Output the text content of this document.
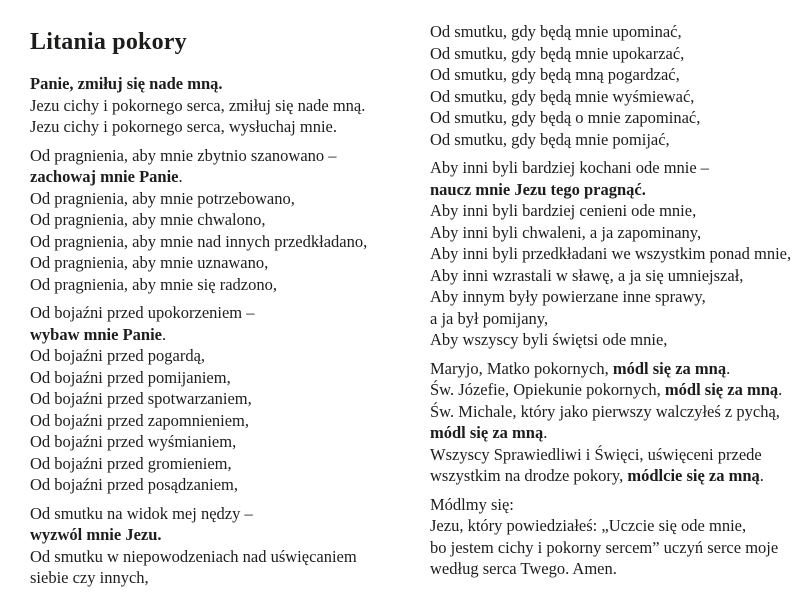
Litania pokory
Panie, zmiłuj się nade mną.
Jezu cichy i pokornego serca, zmiłuj się nade mną.
Jezu cichy i pokornego serca, wysłuchaj mnie.
Od pragnienia, aby mnie zbytnio szanowano –
zachowaj mnie Panie.
Od pragnienia, aby mnie potrzebowano,
Od pragnienia, aby mnie chwalono,
Od pragnienia, aby mnie nad innych przedkładano,
Od pragnienia, aby mnie uznawano,
Od pragnienia, aby mnie się radzono,
Od bojaźni przed upokorzeniem –
wybaw mnie Panie.
Od bojaźni przed pogardą,
Od bojaźni przed pomijaniem,
Od bojaźni przed spotwarzaniem,
Od bojaźni przed zapomnieniem,
Od bojaźni przed wyśmianiem,
Od bojaźni przed gromieniem,
Od bojaźni przed posądzaniem,
Od smutku na widok mej nędzy –
wyzwól mnie Jezu.
Od smutku w niepowodzeniach nad uświęcaniem
siebie czy innych,
Od smutku, gdy będą mnie upominać,
Od smutku, gdy będą mnie upokarzać,
Od smutku, gdy będą mną pogardzać,
Od smutku, gdy będą mnie wyśmiewać,
Od smutku, gdy będą o mnie zapominać,
Od smutku, gdy będą mnie pomijać,
Aby inni byli bardziej kochani ode mnie –
naucz mnie Jezu tego pragnąć.
Aby inni byli bardziej cenieni ode mnie,
Aby inni byli chwaleni, a ja zapominany,
Aby inni byli przedkładani we wszystkim ponad mnie,
Aby inni wzrastali w sławę, a ja się umniejszał,
Aby innym były powierzane inne sprawy,
a ja był pomijany,
Aby wszyscy byli świętsi ode mnie,
Maryjo, Matko pokornych, módl się za mną.
Św. Józefie, Opiekunie pokornych, módl się za mną.
Św. Michale, który jako pierwszy walczyłeś z pychą,
módl się za mną.
Wszyscy Sprawiedliwi i Święci, uświęceni przede
wszystkim na drodze pokory, módlcie się za mną.
Módlmy się:
Jezu, który powiedziałeś: „Uczcie się ode mnie,
bo jestem cichy i pokorny sercem” uczyń serce moje
według serca Twego. Amen.
